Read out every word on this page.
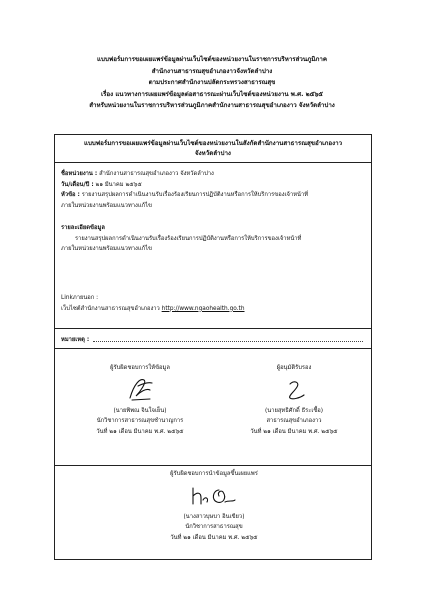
แบบฟอร์มการขอเผยแพร่ข้อมูลผ่านเว็บไซต์ของหน่วยงานในราชการบริหารส่วนภูมิภาค
สำนักงานสาธารณสุขอำเภองาวจังหวัดลำปาง
ตามประกาศสำนักงานปลัดกระทรวงสาธารณสุข
เรื่อง แนวทางการเผยแพร่ข้อมูลต่อสาธารณะผ่านเว็บไซต์ของหน่วยงาน พ.ศ. ๒๕๖๕
สำหรับหน่วยงานในราชการบริหารส่วนภูมิภาคสำนักงานสาธารณสุขอำเภองาว จังหวัดลำปาง
แบบฟอร์มการขอเผยแพร่ข้อมูลผ่านเว็บไซต์ของหน่วยงานในสังกัดสำนักงานสาธารณสุขอำเภองาว
จังหวัดลำปาง
ชื่อหน่วยงาน : สำนักงานสาธารณสุขอำเภองาว จังหวัดลำปาง
วัน/เดือน/ปี : ๒๑ มีนาคม ๒๕๖๕
หัวข้อ : รายงานสรุปผลการดำเนินงานรับเรื่องร้องเรียนการปฏิบัติงานหรือการให้บริการของเจ้าหน้าที่
ภายในหน่วยงานพร้อมแนวทางแก้ไข
รายละเอียดข้อมูล
รายงานสรุปผลการดำเนินงานรับเรื่องร้องเรียนการปฏิบัติงานหรือการให้บริการของเจ้าหน้าที่
ภายในหน่วยงานพร้อมแนวทางแก้ไข
Linkภายนอก :
เว็บไซต์สำนักงานสาธารณสุขอำเภองาว http://www.ngaohealth.go.th
หมายเหตุ :
ผู้รับผิดชอบการให้ข้อมูล
(นายพิพณ จินใจเย็น)
นักวิชาการสาธารณสุขชำนาญการ
วันที่ ๒๑ เดือน มีนาคม พ.ศ. ๒๕๖๕
ผู้อนุมัติรับรอง
(นายสุทธิศักดิ์ ธีระเชื้อ)
สาธารณสุขอำเภองาว
วันที่ ๒๑ เดือน มีนาคม พ.ศ. ๒๕๖๕
ผู้รับผิดชอบการนำข้อมูลขึ้นเผยแพร่
(นางสาวบุษบา อินเขียว)
นักวิชาการสาธารณสุข
วันที่ ๒๑ เดือน มีนาคม พ.ศ. ๒๕๖๕
